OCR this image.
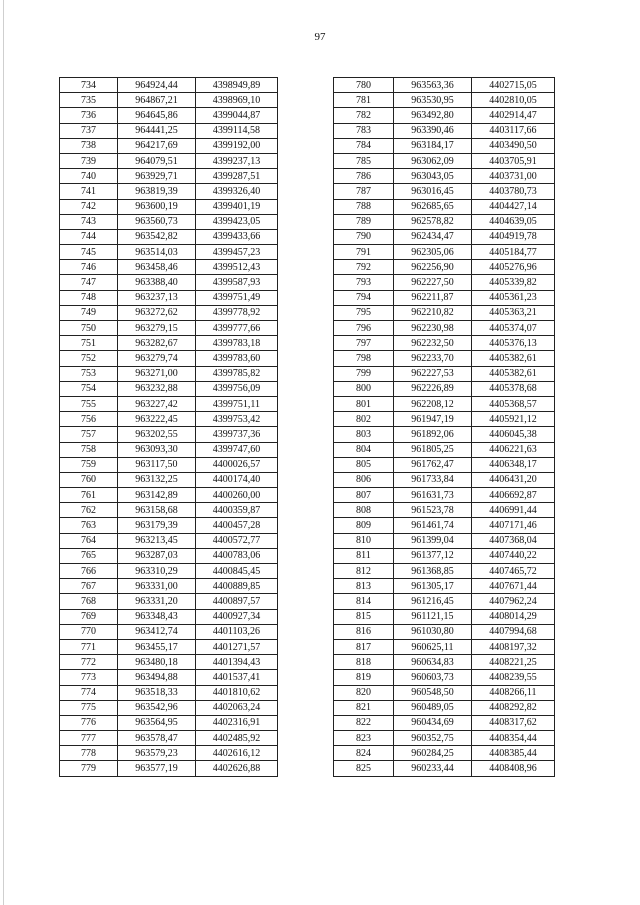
97
734	964924,44	4398949,89
735	964867,21	4398969,10
736	964645,86	4399044,87
737	964441,25	4399114,58
738	964217,69	4399192,00
739	964079,51	4399237,13
740	963929,71	4399287,51
741	963819,39	4399326,40
742	963600,19	4399401,19
743	963560,73	4399423,05
744	963542,82	4399433,66
745	963514,03	4399457,23
746	963458,46	4399512,43
747	963388,40	4399587,93
748	963237,13	4399751,49
749	963272,62	4399778,92
750	963279,15	4399777,66
751	963282,67	4399783,18
752	963279,74	4399783,60
753	963271,00	4399785,82
754	963232,88	4399756,09
755	963227,42	4399751,11
756	963222,45	4399753,42
757	963202,55	4399737,36
758	963093,30	4399747,60
759	963117,50	4400026,57
760	963132,25	4400174,40
761	963142,89	4400260,00
762	963158,68	4400359,87
763	963179,39	4400457,28
764	963213,45	4400572,77
765	963287,03	4400783,06
766	963310,29	4400845,45
767	963331,00	4400889,85
768	963331,20	4400897,57
769	963348,43	4400927,34
770	963412,74	4401103,26
771	963455,17	4401271,57
772	963480,18	4401394,43
773	963494,88	4401537,41
774	963518,33	4401810,62
775	963542,96	4402063,24
776	963564,95	4402316,91
777	963578,47	4402485,92
778	963579,23	4402616,12
779	963577,19	4402626,88
780	963563,36	4402715,05
781	963530,95	4402810,05
782	963492,80	4402914,47
783	963390,46	4403117,66
784	963184,17	4403490,50
785	963062,09	4403705,91
786	963043,05	4403731,00
787	963016,45	4403780,73
788	962685,65	4404427,14
789	962578,82	4404639,05
790	962434,47	4404919,78
791	962305,06	4405184,77
792	962256,90	4405276,96
793	962227,50	4405339,82
794	962211,87	4405361,23
795	962210,82	4405363,21
796	962230,98	4405374,07
797	962232,50	4405376,13
798	962233,70	4405382,61
799	962227,53	4405382,61
800	962226,89	4405378,68
801	962208,12	4405368,57
802	961947,19	4405921,12
803	961892,06	4406045,38
804	961805,25	4406221,63
805	961762,47	4406348,17
806	961733,84	4406431,20
807	961631,73	4406692,87
808	961523,78	4406991,44
809	961461,74	4407171,46
810	961399,04	4407368,04
811	961377,12	4407440,22
812	961368,85	4407465,72
813	961305,17	4407671,44
814	961216,45	4407962,24
815	961121,15	4408014,29
816	961030,80	4407994,68
817	960625,11	4408197,32
818	960634,83	4408221,25
819	960603,73	4408239,55
820	960548,50	4408266,11
821	960489,05	4408292,82
822	960434,69	4408317,62
823	960352,75	4408354,44
824	960284,25	4408385,44
825	960233,44	4408408,96
